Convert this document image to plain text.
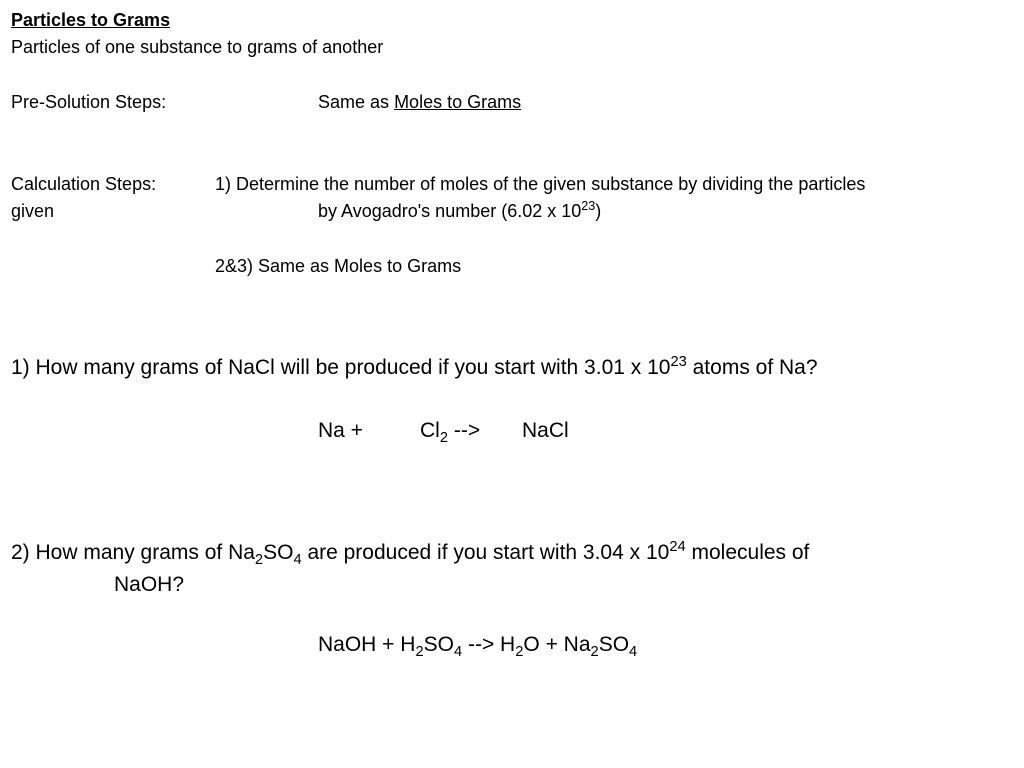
Particles to Grams
Particles of one substance to grams of another
Pre-Solution Steps:	Same as Moles to Grams
Calculation Steps:	1) Determine the number of moles of the given substance by dividing the particles
given	by Avogadro's number (6.02 x $10^{23}$)
2&3) Same as Moles to Grams
1) How many grams of NaCl will be produced if you start with 3.01 x $10^{23}$ atoms of Na?
Na +	$Cl_2$ --> NaCl
2) How many grams of $Na_2SO_4$ are produced if you start with 3.04 x $10^{24}$ molecules of
NaOH?
NaOH + $H_2SO_4$ --> $H_2O + Na_2SO_4$
